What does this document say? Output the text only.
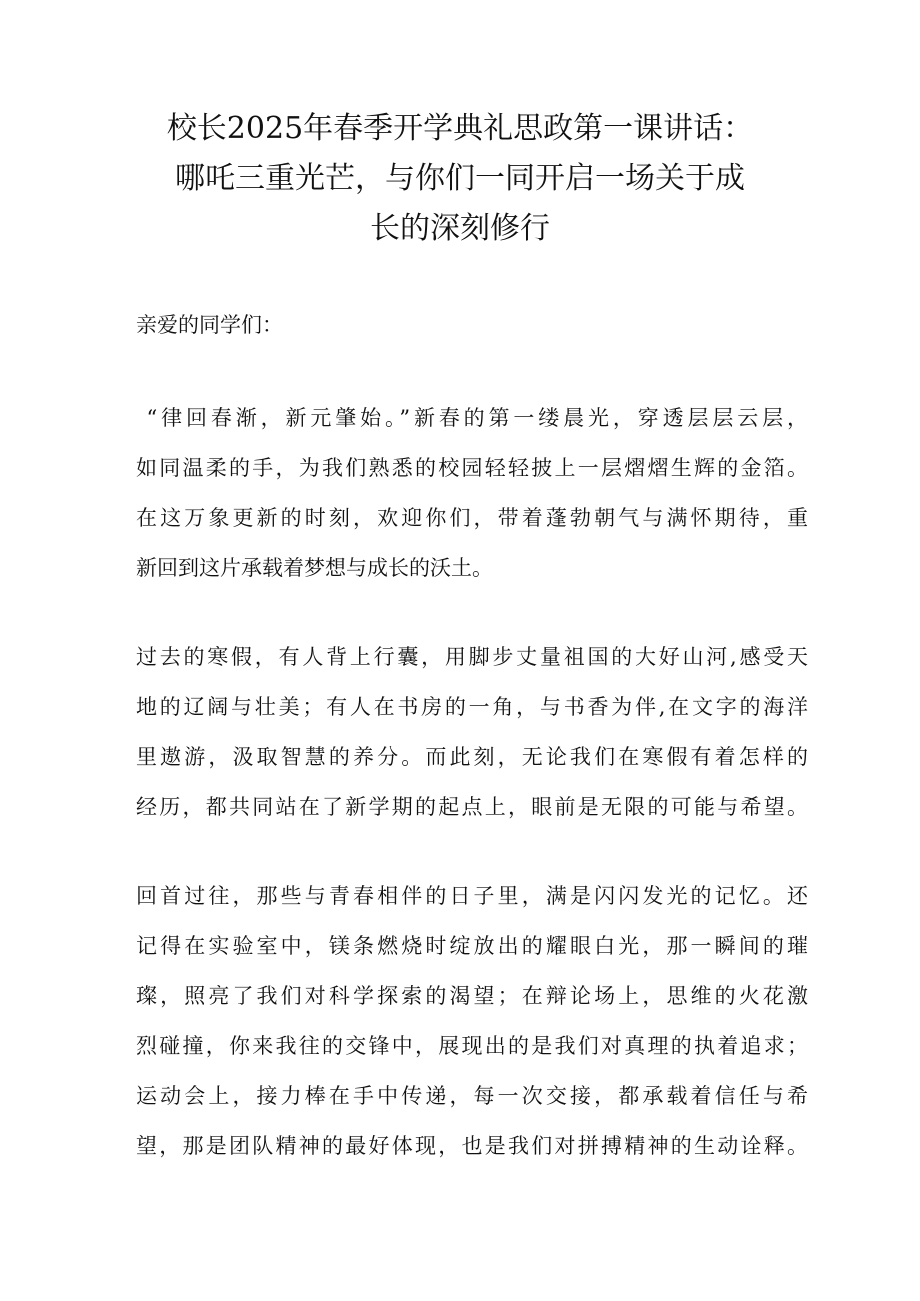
校长2025年春季开学典礼思政第一课讲话：
哪吒三重光芒，与你们一同开启一场关于成
长的深刻修行

亲爱的同学们：

“律回春渐，新元肇始。”新春的第一缕晨光，穿透层层云层，
如同温柔的手，为我们熟悉的校园轻轻披上一层熠熠生辉的金箔。
在这万象更新的时刻，欢迎你们，带着蓬勃朝气与满怀期待，重
新回到这片承载着梦想与成长的沃土。

过去的寒假，有人背上行囊，用脚步丈量祖国的大好山河,感受天
地的辽阔与壮美；有人在书房的一角，与书香为伴,在文字的海洋
里遨游，汲取智慧的养分。而此刻，无论我们在寒假有着怎样的
经历，都共同站在了新学期的起点上，眼前是无限的可能与希望。

回首过往，那些与青春相伴的日子里，满是闪闪发光的记忆。还
记得在实验室中，镁条燃烧时绽放出的耀眼白光，那一瞬间的璀
璨，照亮了我们对科学探索的渴望；在辩论场上，思维的火花激
烈碰撞，你来我往的交锋中，展现出的是我们对真理的执着追求；
运动会上，接力棒在手中传递，每一次交接，都承载着信任与希
望，那是团队精神的最好体现，也是我们对拼搏精神的生动诠释。
